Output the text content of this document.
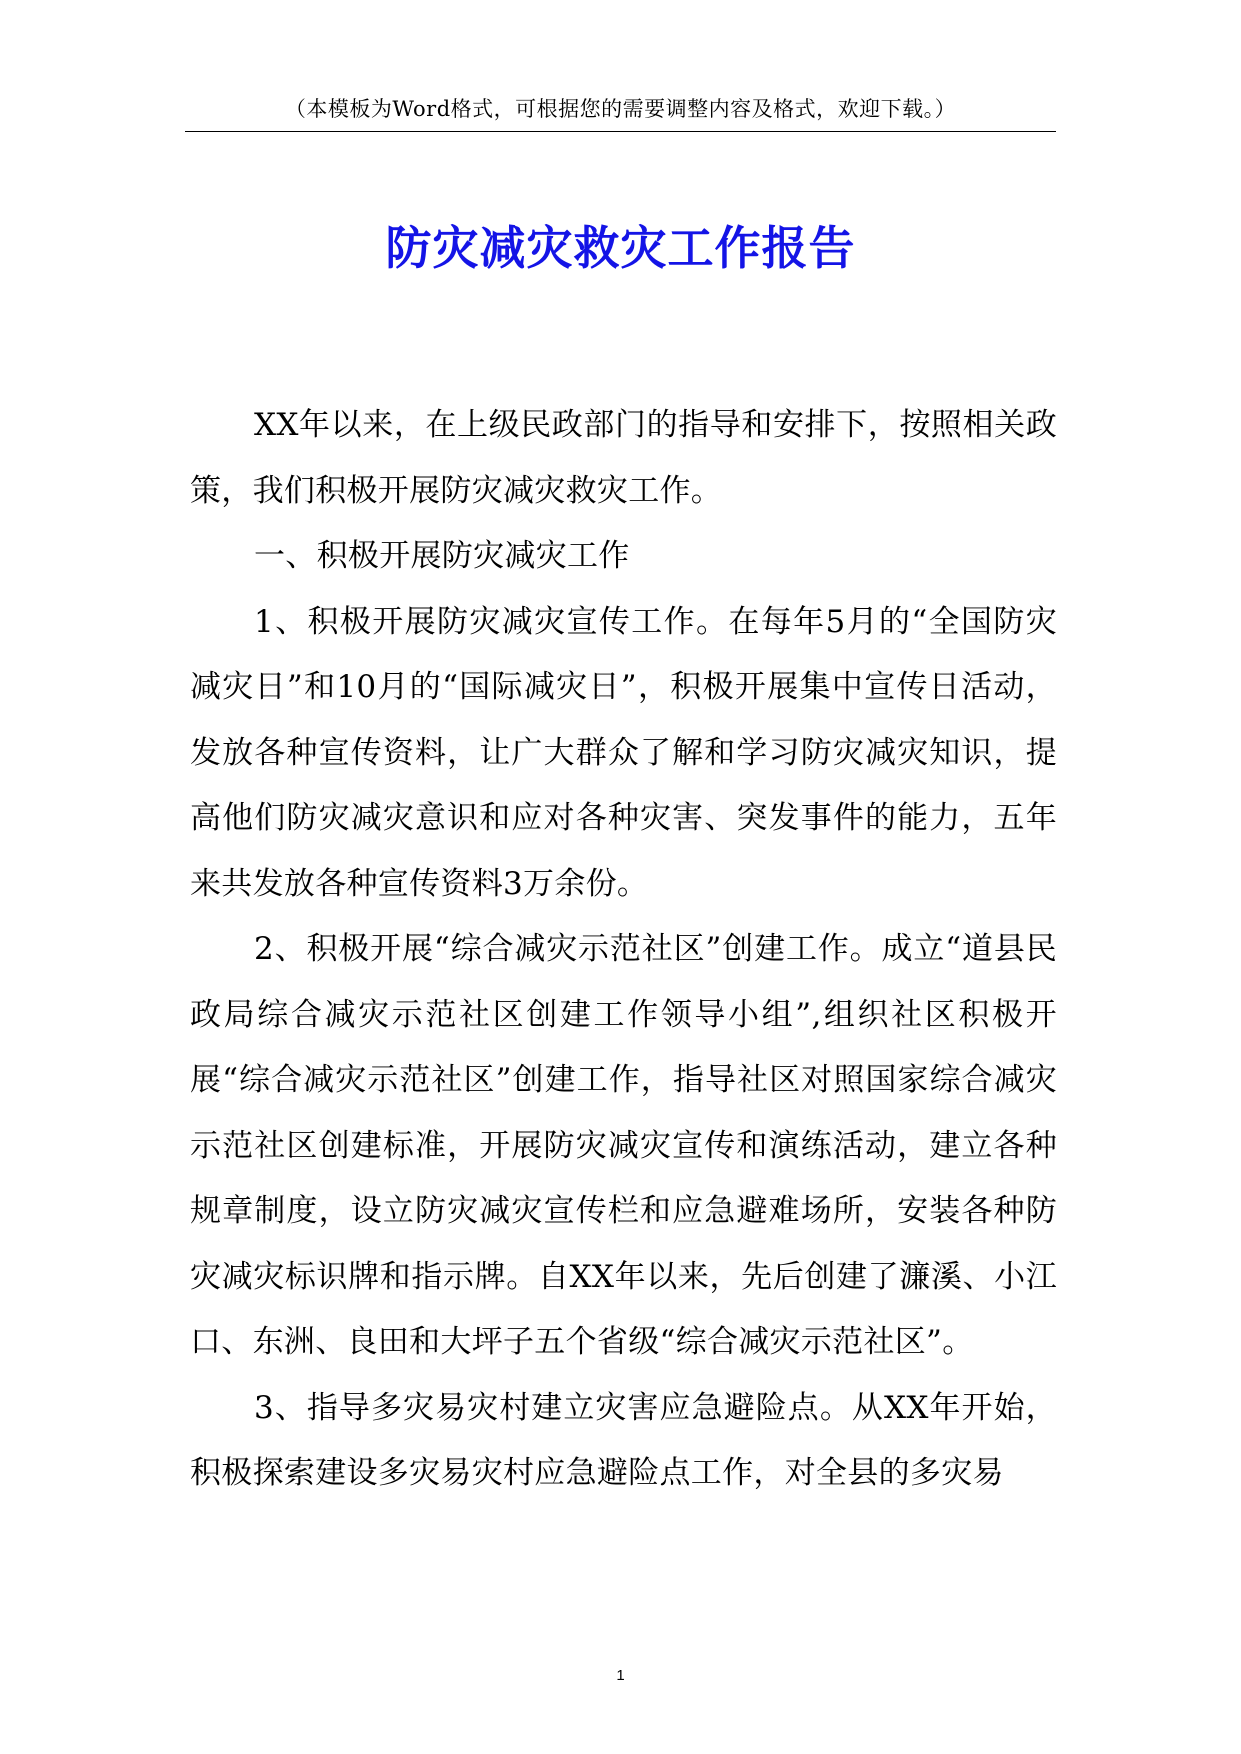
（本模板为Word格式，可根据您的需要调整内容及格式，欢迎下载。）
防灾减灾救灾工作报告

XX年以来，在上级民政部门的指导和安排下，按照相关政策，我们积极开展防灾减灾救灾工作。

一、积极开展防灾减灾工作

1、积极开展防灾减灾宣传工作。在每年5月的“全国防灾减灾日”和10月的“国际减灾日”，积极开展集中宣传日活动，发放各种宣传资料，让广大群众了解和学习防灾减灾知识，提高他们防灾减灾意识和应对各种灾害、突发事件的能力，五年来共发放各种宣传资料3万余份。

2、积极开展“综合减灾示范社区”创建工作。成立“道县民政局综合减灾示范社区创建工作领导小组”,组织社区积极开展“综合减灾示范社区”创建工作，指导社区对照国家综合减灾示范社区创建标准，开展防灾减灾宣传和演练活动，建立各种规章制度，设立防灾减灾宣传栏和应急避难场所，安装各种防灾减灾标识牌和指示牌。自XX年以来，先后创建了濂溪、小江口、东洲、良田和大坪子五个省级“综合减灾示范社区”。

3、指导多灾易灾村建立灾害应急避险点。从XX年开始，积极探索建设多灾易灾村应急避险点工作，对全县的多灾易

1
